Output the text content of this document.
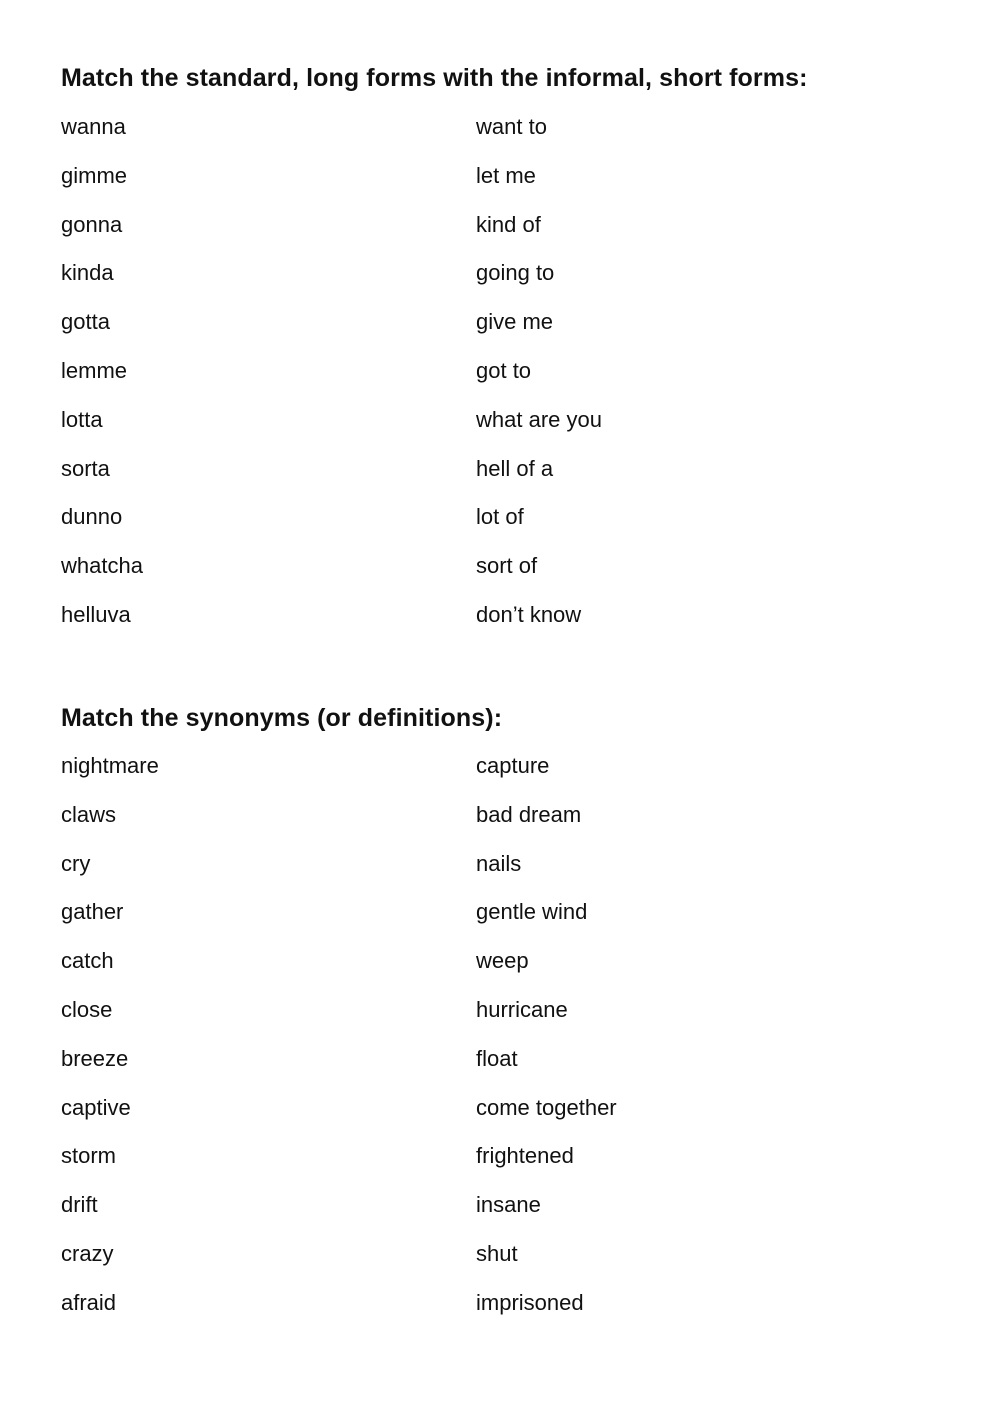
Match the standard, long forms with the informal, short forms:
wanna	want to
gimme	let me
gonna	kind of
kinda	going to
gotta	give me
lemme	got to
lotta	what are you
sorta	hell of a
dunno	lot of
whatcha	sort of
helluva	don’t know
Match the synonyms (or definitions):
nightmare	capture
claws	bad dream
cry	nails
gather	gentle wind
catch	weep
close	hurricane
breeze	float
captive	come together
storm	frightened
drift	insane
crazy	shut
afraid	imprisoned
